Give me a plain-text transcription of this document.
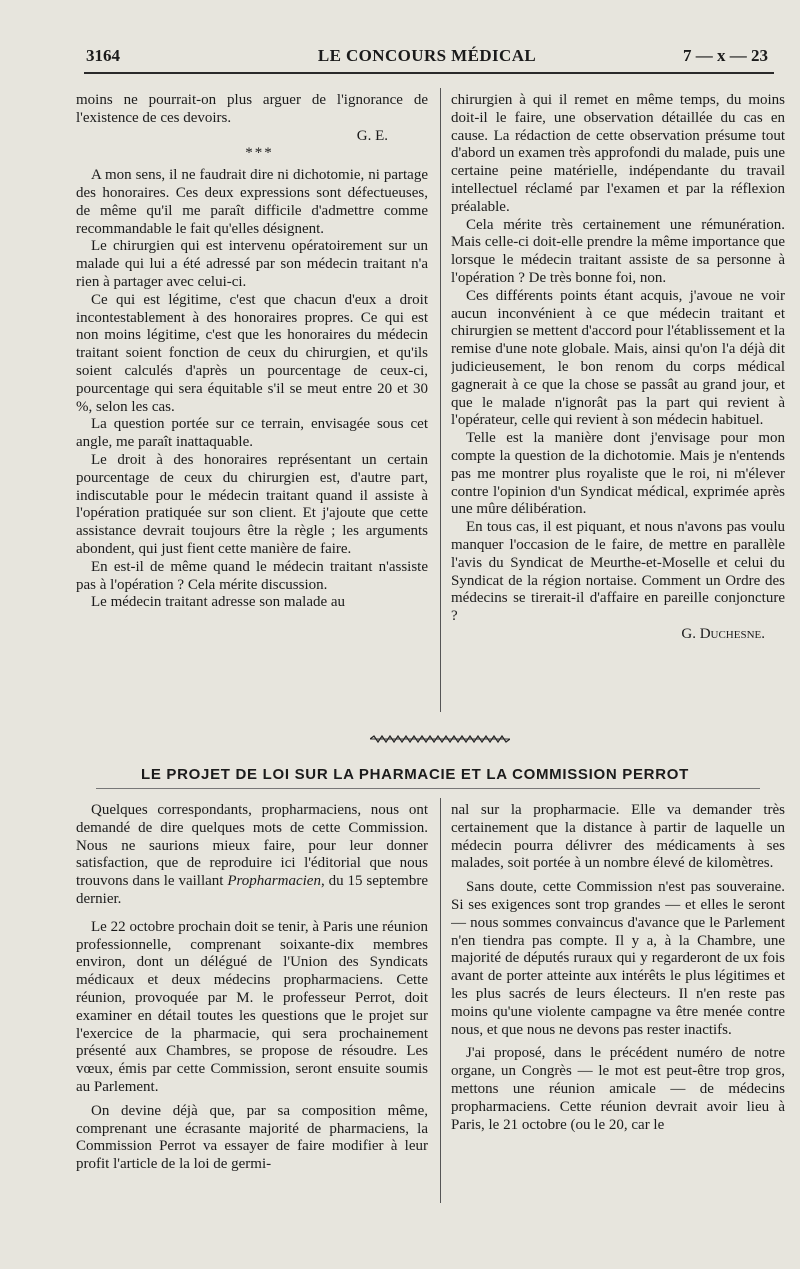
3164	LE CONCOURS MÉDICAL	7 — x — 23

moins ne pourrait-on plus arguer de l'ignorance de l'existence de ces devoirs.

G. E.

***

A mon sens, il ne faudrait dire ni dichotomie, ni partage des honoraires. Ces deux expressions sont défectueuses, de même qu'il me paraît difficile d'admettre comme recommandable le fait qu'elles désignent.

Le chirurgien qui est intervenu opératoirement sur un malade qui lui a été adressé par son médecin traitant n'a rien à partager avec celui-ci.

Ce qui est légitime, c'est que chacun d'eux a droit incontestablement à des honoraires propres. Ce qui est non moins légitime, c'est que les honoraires du médecin traitant soient fonction de ceux du chirurgien, et qu'ils soient calculés d'après un pourcentage de ceux-ci, pourcentage qui sera équitable s'il se meut entre 20 et 30 %, selon les cas.

La question portée sur ce terrain, envisagée sous cet angle, me paraît inattaquable.

Le droit à des honoraires représentant un certain pourcentage de ceux du chirurgien est, d'autre part, indiscutable pour le médecin traitant quand il assiste à l'opération pratiquée sur son client. Et j'ajoute que cette assistance devrait toujours être la règle ; les arguments abondent, qui just fient cette manière de faire.

En est-il de même quand le médecin traitant n'assiste pas à l'opération ? Cela mérite discussion.

Le médecin traitant adresse son malade au

chirurgien à qui il remet en même temps, du moins doit-il le faire, une observation détaillée du cas en cause. La rédaction de cette observation présume tout d'abord un examen très approfondi du malade, puis une certaine peine matérielle, indépendante du travail intellectuel réclamé par l'examen et par la réflexion préalable.

Cela mérite très certainement une rémunération. Mais celle-ci doit-elle prendre la même importance que lorsque le médecin traitant assiste de sa personne à l'opération ? De très bonne foi, non.

Ces différents points étant acquis, j'avoue ne voir aucun inconvénient à ce que médecin traitant et chirurgien se mettent d'accord pour l'établissement et la remise d'une note globale. Mais, ainsi qu'on l'a déjà dit judicieusement, le bon renom du corps médical gagnerait à ce que la chose se passât au grand jour, et que le malade n'ignorât pas la part qui revient à l'opérateur, celle qui revient à son médecin habituel.

Telle est la manière dont j'envisage pour mon compte la question de la dichotomie. Mais je n'entends pas me montrer plus royaliste que le roi, ni m'élever contre l'opinion d'un Syndicat médical, exprimée après une mûre délibération.

En tous cas, il est piquant, et nous n'avons pas voulu manquer l'occasion de le faire, de mettre en parallèle l'avis du Syndicat de Meurthe-et-Moselle et celui du Syndicat de la région nortaise. Comment un Ordre des médecins se tirerait-il d'affaire en pareille conjoncture ?

G. Duchesne.

LE PROJET DE LOI SUR LA PHARMACIE ET LA COMMISSION PERROT

Quelques correspondants, propharmaciens, nous ont demandé de dire quelques mots de cette Commission. Nous ne saurions mieux faire, pour leur donner satisfaction, que de reproduire ici l'éditorial que nous trouvons dans le vaillant Propharmacien, du 15 septembre dernier.

Le 22 octobre prochain doit se tenir, à Paris une réunion professionnelle, comprenant soixante-dix membres environ, dont un délégué de l'Union des Syndicats médicaux et deux médecins propharmaciens. Cette réunion, provoquée par M. le professeur Perrot, doit examiner en détail toutes les questions que le projet sur l'exercice de la pharmacie, qui sera prochainement présenté aux Chambres, se propose de résoudre. Les vœux, émis par cette Commission, seront ensuite soumis au Parlement.

On devine déjà que, par sa composition même, comprenant une écrasante majorité de pharmaciens, la Commission Perrot va essayer de faire modifier à leur profit l'article de la loi de germi-

nal sur la propharmacie. Elle va demander très certainement que la distance à partir de laquelle un médecin pourra délivrer des médicaments à ses malades, soit portée à un nombre élevé de kilomètres.

Sans doute, cette Commission n'est pas souveraine. Si ses exigences sont trop grandes — et elles le seront — nous sommes convaincus d'avance que le Parlement n'en tiendra pas compte. Il y a, à la Chambre, une majorité de députés ruraux qui y regarderont de ux fois avant de porter atteinte aux intérêts le plus légitimes et les plus sacrés de leurs électeurs. Il n'en reste pas moins qu'une violente campagne va être menée contre nous, et que nous ne devons pas rester inactifs.

J'ai proposé, dans le précédent numéro de notre organe, un Congrès — le mot est peut-être trop gros, mettons une réunion amicale — de médecins propharmaciens. Cette réunion devrait avoir lieu à Paris, le 21 octobre (ou le 20, car le
